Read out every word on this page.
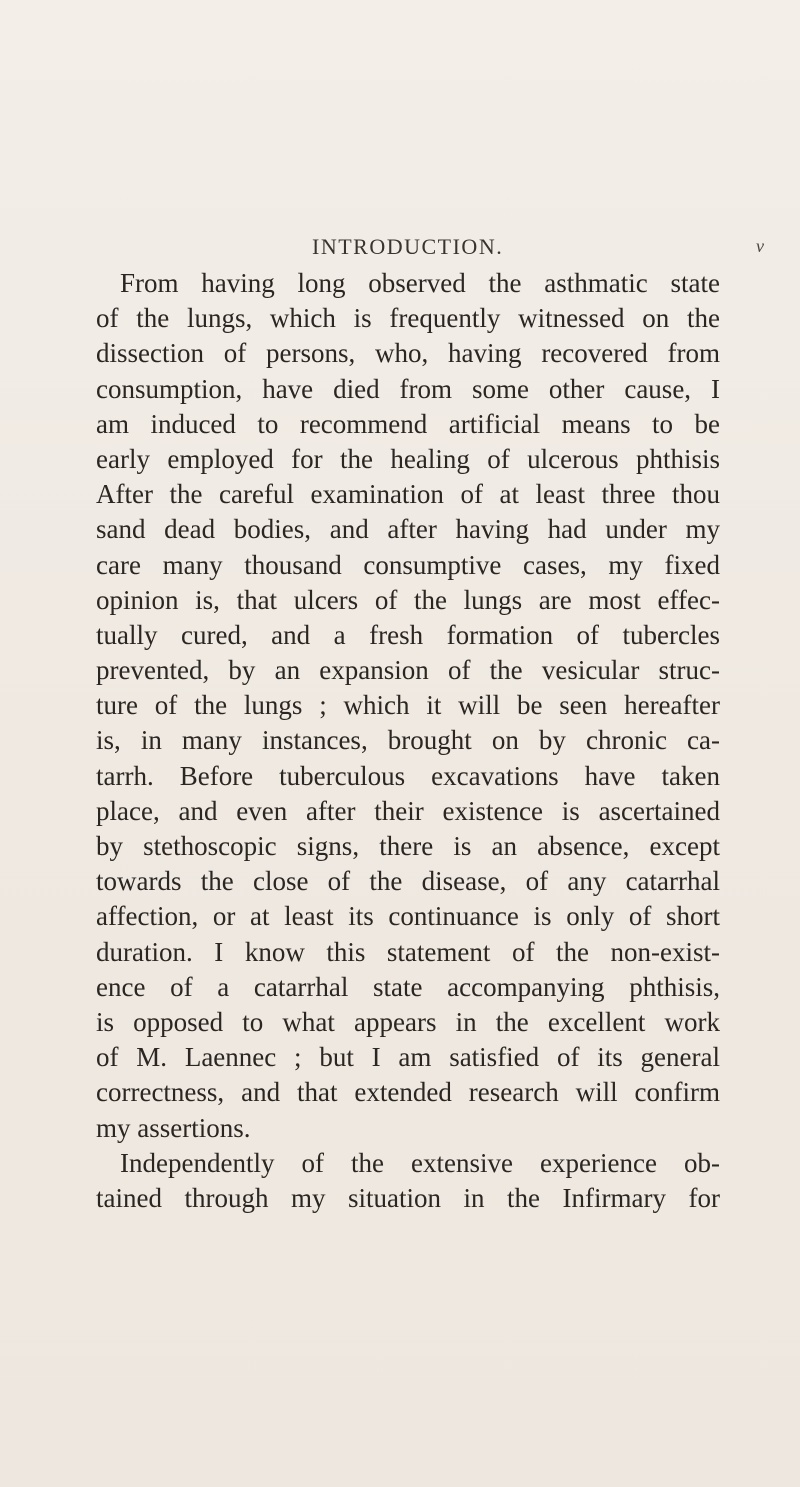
INTRODUCTION.	v
From having long observed the asthmatic state
of the lungs, which is frequently witnessed on the
dissection of persons, who, having recovered from
consumption, have died from some other cause, I
am induced to recommend artificial means to be
early employed for the healing of ulcerous phthisis
After the careful examination of at least three thou
sand dead bodies, and after having had under my
care many thousand consumptive cases, my fixed
opinion is, that ulcers of the lungs are most effec-
tually cured, and a fresh formation of tubercles
prevented, by an expansion of the vesicular struc-
ture of the lungs ; which it will be seen hereafter
is, in many instances, brought on by chronic ca-
tarrh. Before tuberculous excavations have taken
place, and even after their existence is ascertained
by stethoscopic signs, there is an absence, except
towards the close of the disease, of any catarrhal
affection, or at least its continuance is only of short
duration. I know this statement of the non-exist-
ence of a catarrhal state accompanying phthisis,
is opposed to what appears in the excellent work
of M. Laennec ; but I am satisfied of its general
correctness, and that extended research will confirm
my assertions.
Independently of the extensive experience ob-
tained through my situation in the Infirmary for
